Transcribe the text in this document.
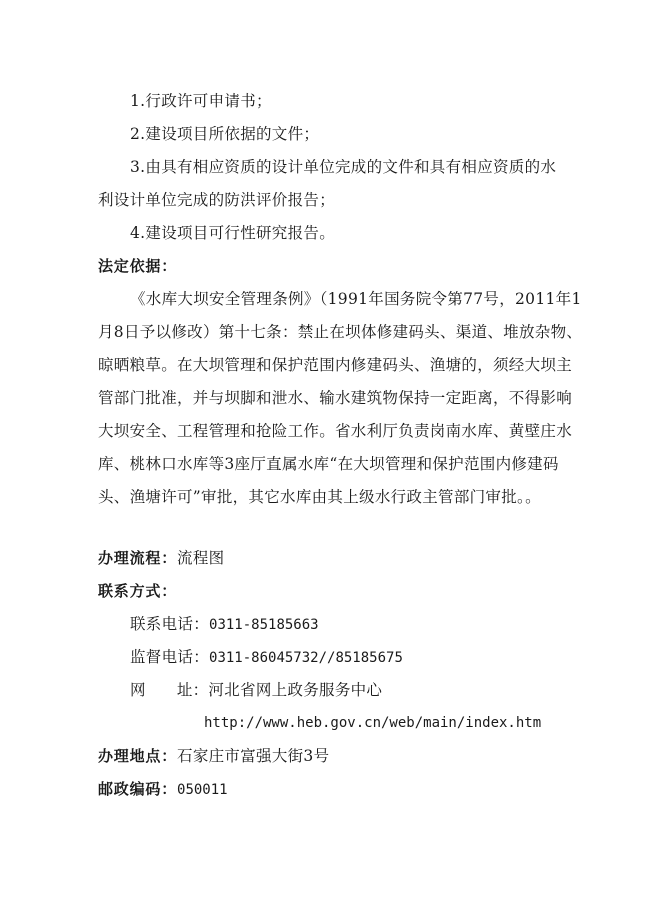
1.行政许可申请书；
2.建设项目所依据的文件；
3.由具有相应资质的设计单位完成的文件和具有相应资质的水
利设计单位完成的防洪评价报告；
4.建设项目可行性研究报告。
法定依据：
《水库大坝安全管理条例》（1991年国务院令第77号，2011年1
月8日予以修改）第十七条：禁止在坝体修建码头、渠道、堆放杂物、
晾晒粮草。在大坝管理和保护范围内修建码头、渔塘的，须经大坝主
管部门批准，并与坝脚和泄水、输水建筑物保持一定距离，不得影响
大坝安全、工程管理和抢险工作。省水利厅负责岗南水库、黄壁庄水
库、桃林口水库等3座厅直属水库“在大坝管理和保护范围内修建码
头、渔塘许可”审批，其它水库由其上级水行政主管部门审批。。
办理流程：流程图
联系方式：
联系电话：0311-85185663
监督电话：0311-86045732//85185675
网 址：河北省网上政务服务中心
http://www.heb.gov.cn/web/main/index.htm
办理地点：石家庄市富强大街3号
邮政编码：050011
